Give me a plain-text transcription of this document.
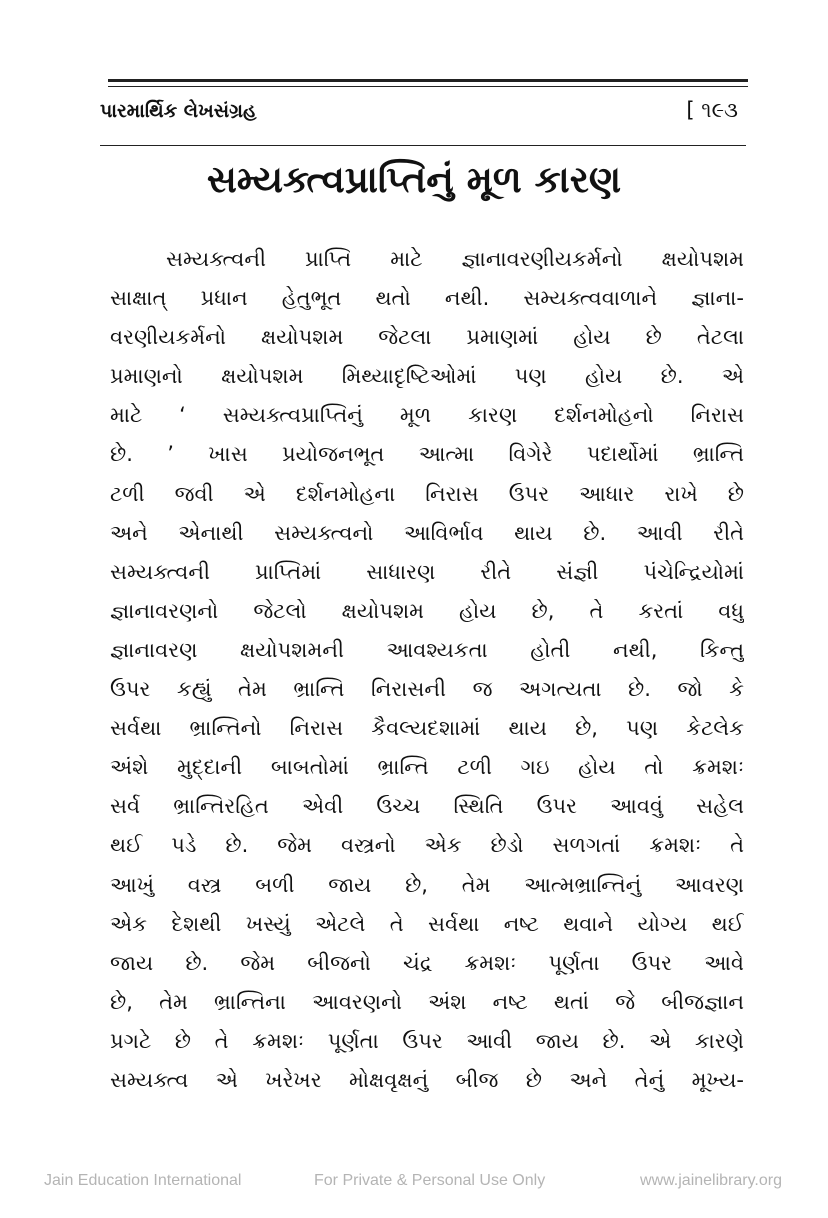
પારમાર્થિક લેખસંગ્રહ	[ ૧૯૩
સમ્યક્ત્વપ્રાપ્તિનું મૂળ કારણ
સમ્યક્ત્વની પ્રાપ્તિ માટે જ્ઞાનાવરણીયકર્મનો ક્ષયોપશમ
સાક્ષાત્ પ્રધાન હેતુભૂત થતો નથી. સમ્યક્ત્વવાળાને જ્ઞાના-
વરણીયકર્મનો ક્ષયોપશમ જેટલા પ્રમાણમાં હોય છે તેટલા
પ્રમાણનો ક્ષયોપશમ મિથ્યાદૃષ્ટિઓમાં પણ હોય છે. એ
માટે ‘ સમ્યક્ત્વપ્રાપ્તિનું મૂળ કારણ દર્શનમોહનો નિરાસ
છે. ’ ખાસ પ્રયોજનભૂત આત્મા વિગેરે પદાર્થોમાં ભ્રાન્તિ
ટળી જવી એ દર્શનમોહના નિરાસ ઉપર આધાર રાખે છે
અને એનાથી સમ્યક્ત્વનો આવિર્ભાવ થાય છે. આવી રીતે
સમ્યક્ત્વની પ્રાપ્તિમાં સાધારણ રીતે સંજ્ઞી પંચેન્દ્રિયોમાં
જ્ઞાનાવરણનો જેટલો ક્ષયોપશમ હોય છે, તે કરતાં વધુ
જ્ઞાનાવરણ ક્ષયોપશમની આવશ્યકતા હોતી નથી, કિન્તુ
ઉપર કહ્યું તેમ ભ્રાન્તિ નિરાસની જ અગત્યતા છે. જો કે
સર્વથા ભ્રાન્તિનો નિરાસ કૈવલ્યદશામાં થાય છે, પણ કેટલેક
અંશે મુદ્દાની બાબતોમાં ભ્રાન્તિ ટળી ગઇ હોય તો ક્રમશઃ
સર્વ ભ્રાન્તિરહિત એવી ઉચ્ચ સ્થિતિ ઉપર આવવું સહેલ
થઈ પડે છે. જેમ વસ્ત્રનો એક છેડો સળગતાં ક્રમશઃ તે
આખું વસ્ત્ર બળી જાય છે, તેમ આત્મભ્રાન્તિનું આવરણ
એક દેશથી ખસ્યું એટલે તે સર્વથા નષ્ટ થવાને યોગ્ય થઈ
જાય છે. જેમ બીજનો ચંદ્ર ક્રમશઃ પૂર્ણતા ઉપર આવે
છે, તેમ ભ્રાન્તિના આવરણનો અંશ નષ્ટ થતાં જે બીજજ્ઞાન
પ્રગટે છે તે ક્રમશઃ પૂર્ણતા ઉપર આવી જાય છે. એ કારણે
સમ્યક્ત્વ એ ખરેખર મોક્ષવૃક્ષનું બીજ છે અને તેનું મૂખ્ય-
Jain Education International	For Private & Personal Use Only	www.jainelibrary.org
